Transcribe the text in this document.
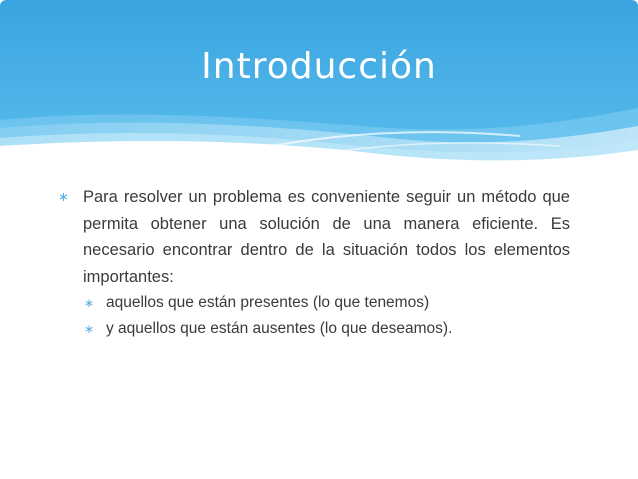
Introducción
∗ Para resolver un problema es conveniente seguir un método que permita obtener una solución de una manera eficiente. Es necesario encontrar dentro de la situación todos los elementos importantes:
∗ aquellos que están presentes (lo que tenemos)
∗ y aquellos que están ausentes (lo que deseamos).
